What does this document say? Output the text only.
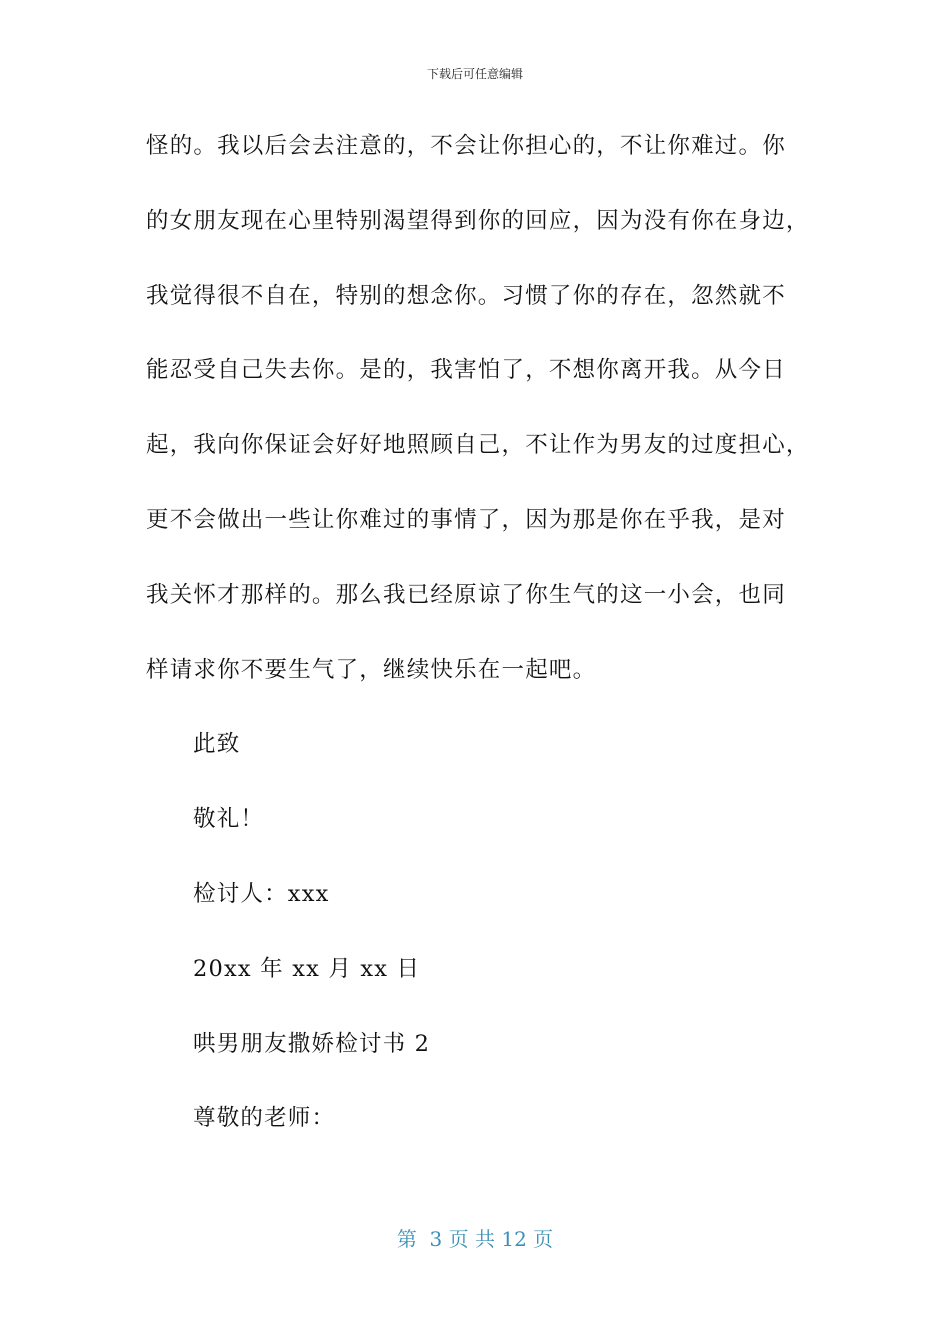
下载后可任意编辑
怪的。我以后会去注意的，不会让你担心的，不让你难过。你
的女朋友现在心里特别渴望得到你的回应，因为没有你在身边，
我觉得很不自在，特别的想念你。习惯了你的存在，忽然就不
能忍受自己失去你。是的，我害怕了，不想你离开我。从今日
起，我向你保证会好好地照顾自己，不让作为男友的过度担心，
更不会做出一些让你难过的事情了，因为那是你在乎我，是对
我关怀才那样的。那么我已经原谅了你生气的这一小会，也同
样请求你不要生气了，继续快乐在一起吧。
此致
敬礼！
检讨人：xxx
20xx 年 xx 月 xx 日
哄男朋友撒娇检讨书 2
尊敬的老师：
第  3 页 共 12 页
